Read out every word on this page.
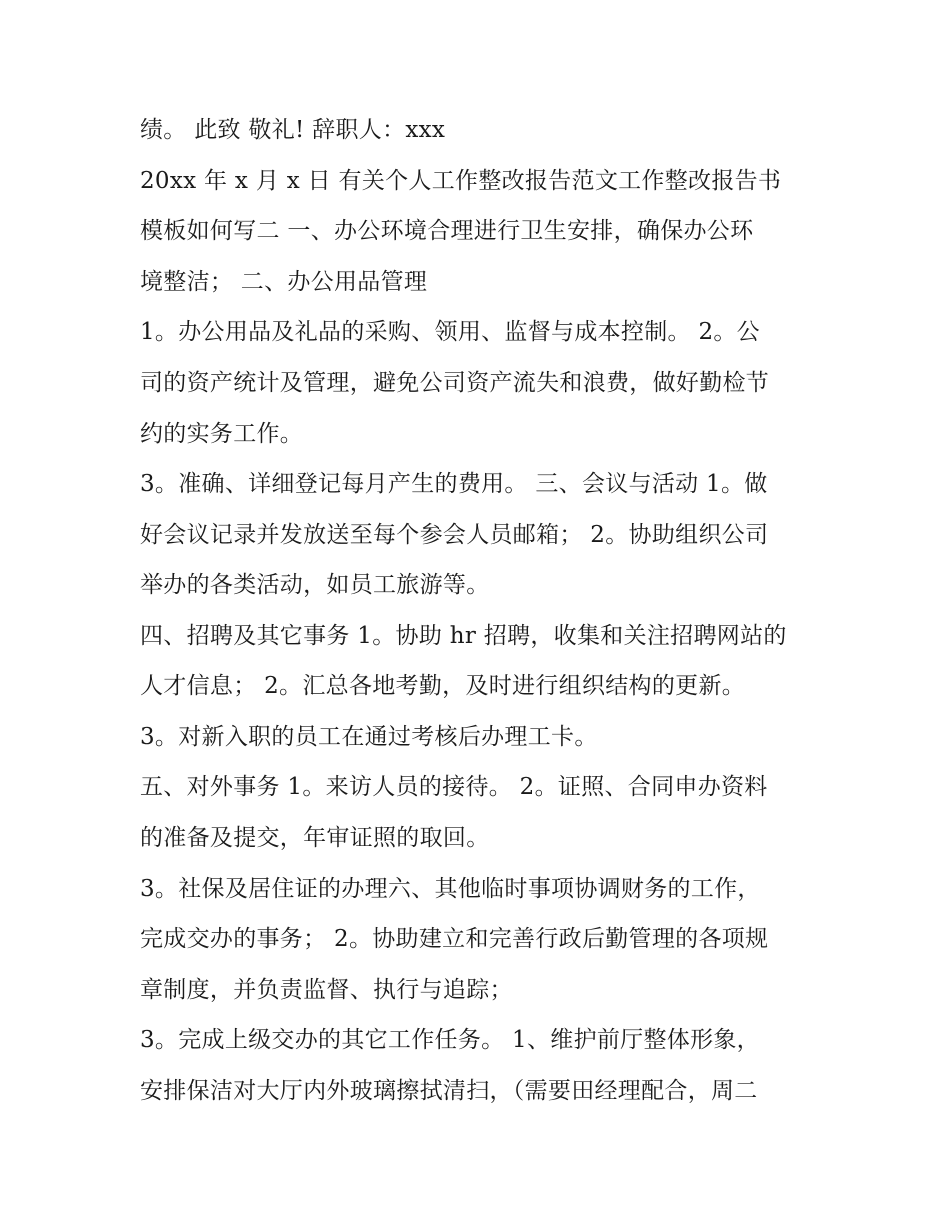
绩。 此致 敬礼! 辞职人：xxx
20xx 年 x 月 x 日 有关个人工作整改报告范文工作整改报告书
模板如何写二 一、办公环境合理进行卫生安排，确保办公环
境整洁； 二、办公用品管理
1。办公用品及礼品的采购、领用、监督与成本控制。 2。公
司的资产统计及管理，避免公司资产流失和浪费，做好勤检节
约的实务工作。
3。准确、详细登记每月产生的费用。 三、会议与活动 1。做
好会议记录并发放送至每个参会人员邮箱； 2。协助组织公司
举办的各类活动，如员工旅游等。
四、招聘及其它事务 1。协助 hr 招聘，收集和关注招聘网站的
人才信息； 2。汇总各地考勤，及时进行组织结构的更新。
3。对新入职的员工在通过考核后办理工卡。
五、对外事务 1。来访人员的接待。 2。证照、合同申办资料
的准备及提交，年审证照的取回。
3。社保及居住证的办理六、其他临时事项协调财务的工作，
完成交办的事务； 2。协助建立和完善行政后勤管理的各项规
章制度，并负责监督、执行与追踪；
3。完成上级交办的其它工作任务。 1、维护前厅整体形象，
安排保洁对大厅内外玻璃擦拭清扫，（需要田经理配合，周二
